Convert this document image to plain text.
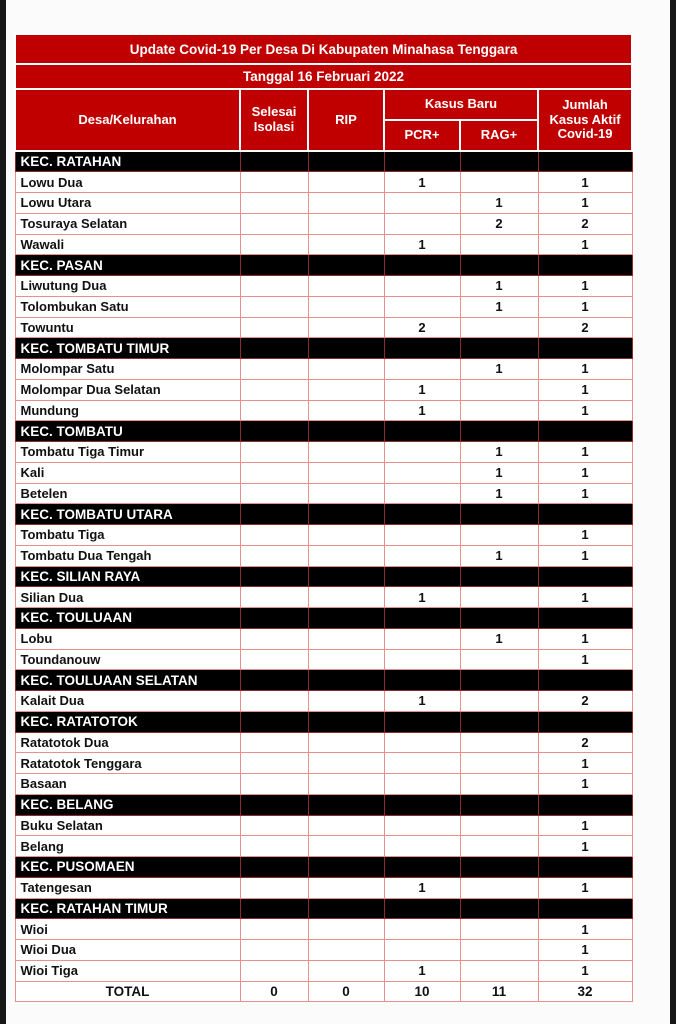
Update Covid-19 Per Desa Di Kabupaten Minahasa Tenggara					
Tanggal 16 Februari 2022					
Desa/Kelurahan	Selesai Isolasi	RIP	Kasus Baru		Jumlah Kasus Aktif Covid-19
			PCR+	RAG+	
KEC. RATAHAN					
Lowu Dua			1		1
Lowu Utara				1	1
Tosuraya Selatan				2	2
Wawali			1		1
KEC. PASAN					
Liwutung Dua				1	1
Tolombukan Satu				1	1
Towuntu			2		2
KEC. TOMBATU TIMUR					
Molompar Satu				1	1
Molompar Dua Selatan			1		1
Mundung			1		1
KEC. TOMBATU					
Tombatu Tiga Timur				1	1
Kali				1	1
Betelen				1	1
KEC. TOMBATU UTARA					
Tombatu Tiga					1
Tombatu Dua Tengah				1	1
KEC. SILIAN RAYA					
Silian Dua			1		1
KEC. TOULUAAN					
Lobu				1	1
Toundanouw					1
KEC. TOULUAAN SELATAN					
Kalait Dua			1		2
KEC. RATATOTOK					
Ratatotok Dua					2
Ratatotok Tenggara					1
Basaan					1
KEC. BELANG					
Buku Selatan					1
Belang					1
KEC. PUSOMAEN					
Tatengesan			1		1
KEC. RATAHAN TIMUR					
Wioi					1
Wioi Dua					1
Wioi Tiga			1		1
TOTAL	0	0	10	11	32
